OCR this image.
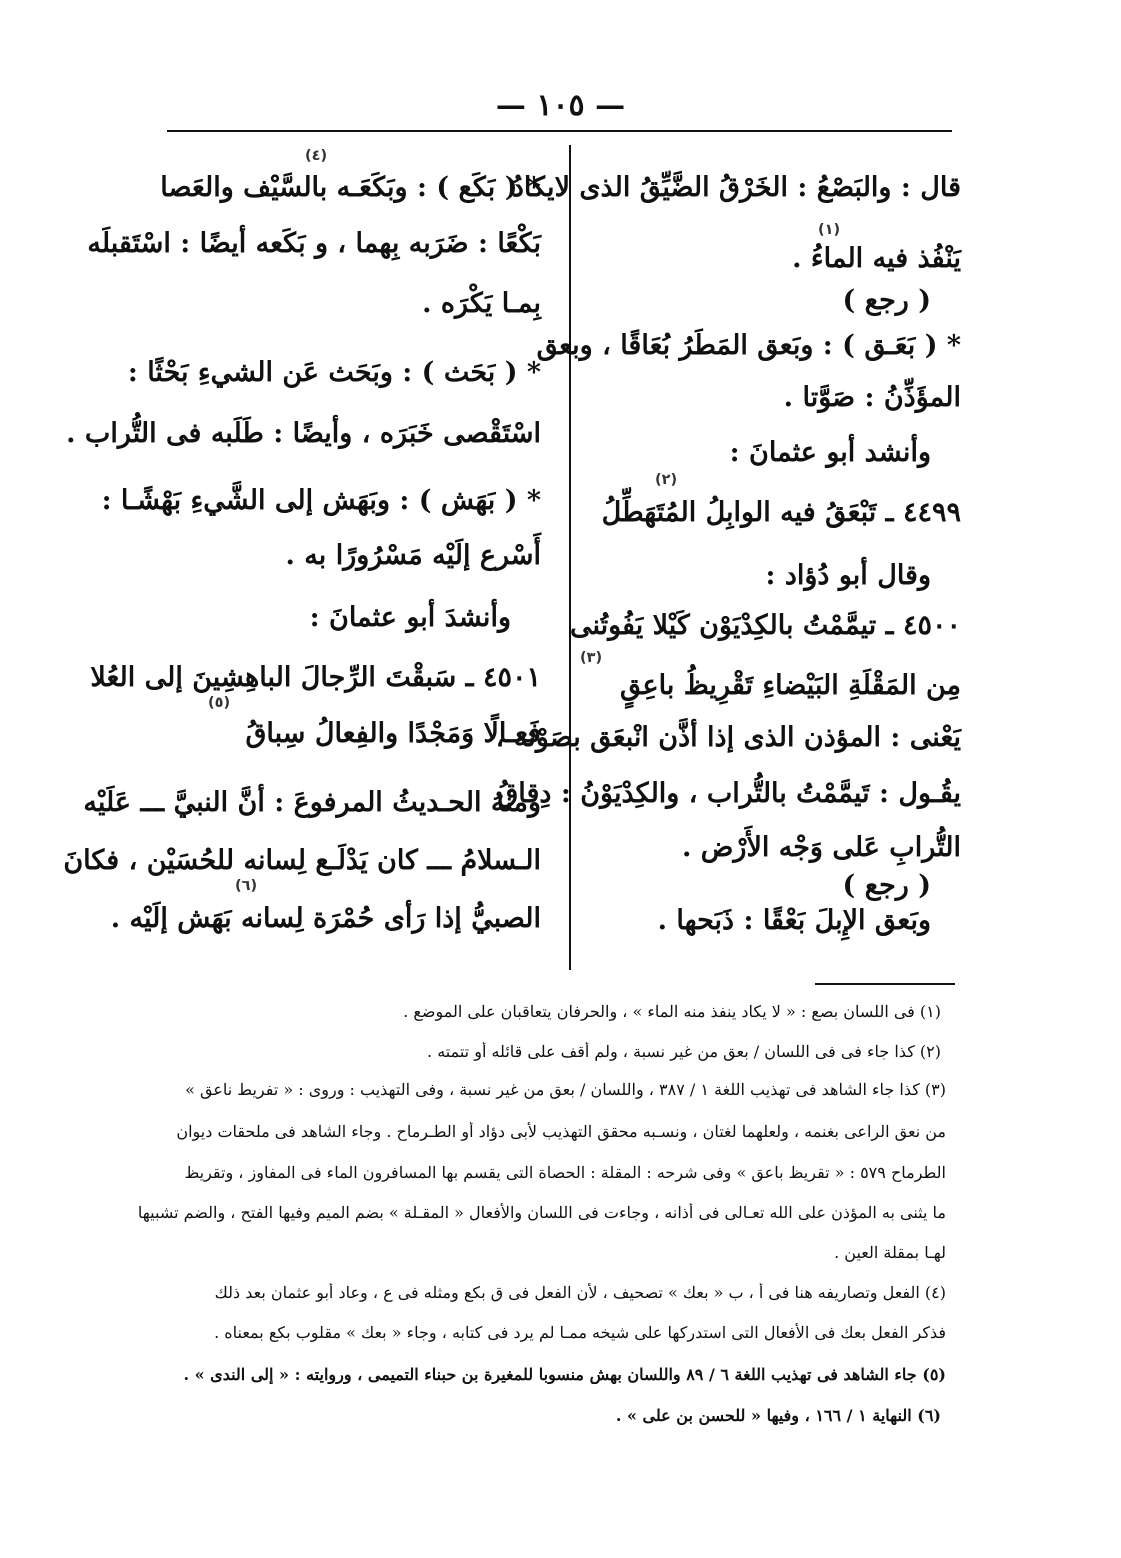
— ١٠٥ —
قال : والبَصْعُ : الخَرْقُ الضَّيِّقُ الذى لايكادُ
يَنْفُذ فيه الماءُ .
( رجع )
* ( بَعَـق ) : وبَعق المَطَرُ بُعَاقًا ، وبعق
المؤَذِّنُ : صَوَّتا .
وأنشد أبو عثمانَ :
٤٤٩٩ ـ تَبْعَقُ فيه الوابِلُ المُتَهَطِّلُ
وقال أبو دُؤاد :
٤٥٠٠ ـ تيمَّمْتُ بالكِدْيَوْن كَيْلا يَفُوتُنى
مِن المَقْلَةِ البَيْضاءِ تَقْرِيظُ باعِقٍ
يَعْنى : المؤذن الذى إذا أذَّن انْبعَق بصَوْته ،
يقُـول : تَيمَّمْتُ بالتُّراب ، والكِدْيَوْنُ : دِقاقُ
التُّرابِ عَلى وَجْه الأَرْض .
( رجع )
وبَعق الإِبلَ بَعْقًا : ذَبَحها .
* ( بَكَع ) : وبَكَعَـه بالسَّيْف والعَصا
بَكْعًا : ضَرَبه بِهما ، و بَكَعه أيضًا : اسْتَقبلَه
بِمـا يَكْرَه .
* ( بَحَث ) : وبَحَث عَن الشيءِ بَحْثًا :
اسْتَقْصى خَبَرَه ، وأيضًا : طَلَبه فى التُّراب .
* ( بَهَش ) : وبَهَش إلى الشَّيءِ بَهْشًـا :
أَسْرع إلَيْه مَسْرُورًا به .
وأنشدَ أبو عثمانَ :
٤٥٠١ ـ سَبقْتَ الرِّجالَ الباهِشِينَ إلى العُلا
فَعـالًا وَمَجْدًا والفِعالُ سِباقُ
ومنهُ الحـديثُ المرفوعَ : أنَّ النبيَّ ـــ عَلَيْه
الـسلامُ ـــ كان يَدْلَـع لِسانه للحُسَيْن ، فكانَ
الصبيُّ إذا رَأى حُمْرَة لِسانه بَهَش إلَيْه .
(١)
(٢)
(٣)
(٤)
(٥)
(٦)
(١) فى اللسان بصع : « لا يكاد ينفذ منه الماء » ، والحرفان يتعاقبان على الموضع .
(٢) كذا جاء فى فى اللسان / بعق من غير نسبة ، ولم أقف على قائله أو تتمته .
(٣) كذا جاء الشاهد فى تهذيب اللغة ١ / ٣٨٧ ، واللسان / بعق من غير نسبة ، وفى التهذيب : وروى : « تفريط ناعق »
من نعق الراعى بغنمه ، ولعلهما لغتان ، ونسـبه محقق التهذيب لأبى دؤاد أو الطـرماح . وجاء الشاهد فى ملحقات ديوان
الطرماح ٥٧٩ : « تقريظ باعق » وفى شرحه : المقلة : الحصاة التى يقسم بها المسافرون الماء فى المفاوز ، وتقريظ
ما يثنى به المؤذن على الله تعـالى فى أذانه ، وجاءت فى اللسان والأفعال « المقـلة » بضم الميم وفيها الفتح ، والضم تشبيها
لهـا بمقلة العين .
(٤) الفعل وتصاريفه هنا فى أ ، ب « بعك » تصحيف ، لأن الفعل فى ق بكع ومثله فى ع ، وعاد أبو عثمان بعد ذلك
فذكر الفعل بعك فى الأفعال التى استدركها على شيخه ممـا لم يرد فى كتابه ، وجاء « بعك » مقلوب بكع بمعناه .
(٥) جاء الشاهد فى تهذيب اللغة ٦ / ٨٩ واللسان بهش منسوبا للمغيرة بن حبناء التميمى ، وروايته : « إلى الندى » .
(٦) النهاية ١ / ١٦٦ ، وفيها « للحسن بن على » .
